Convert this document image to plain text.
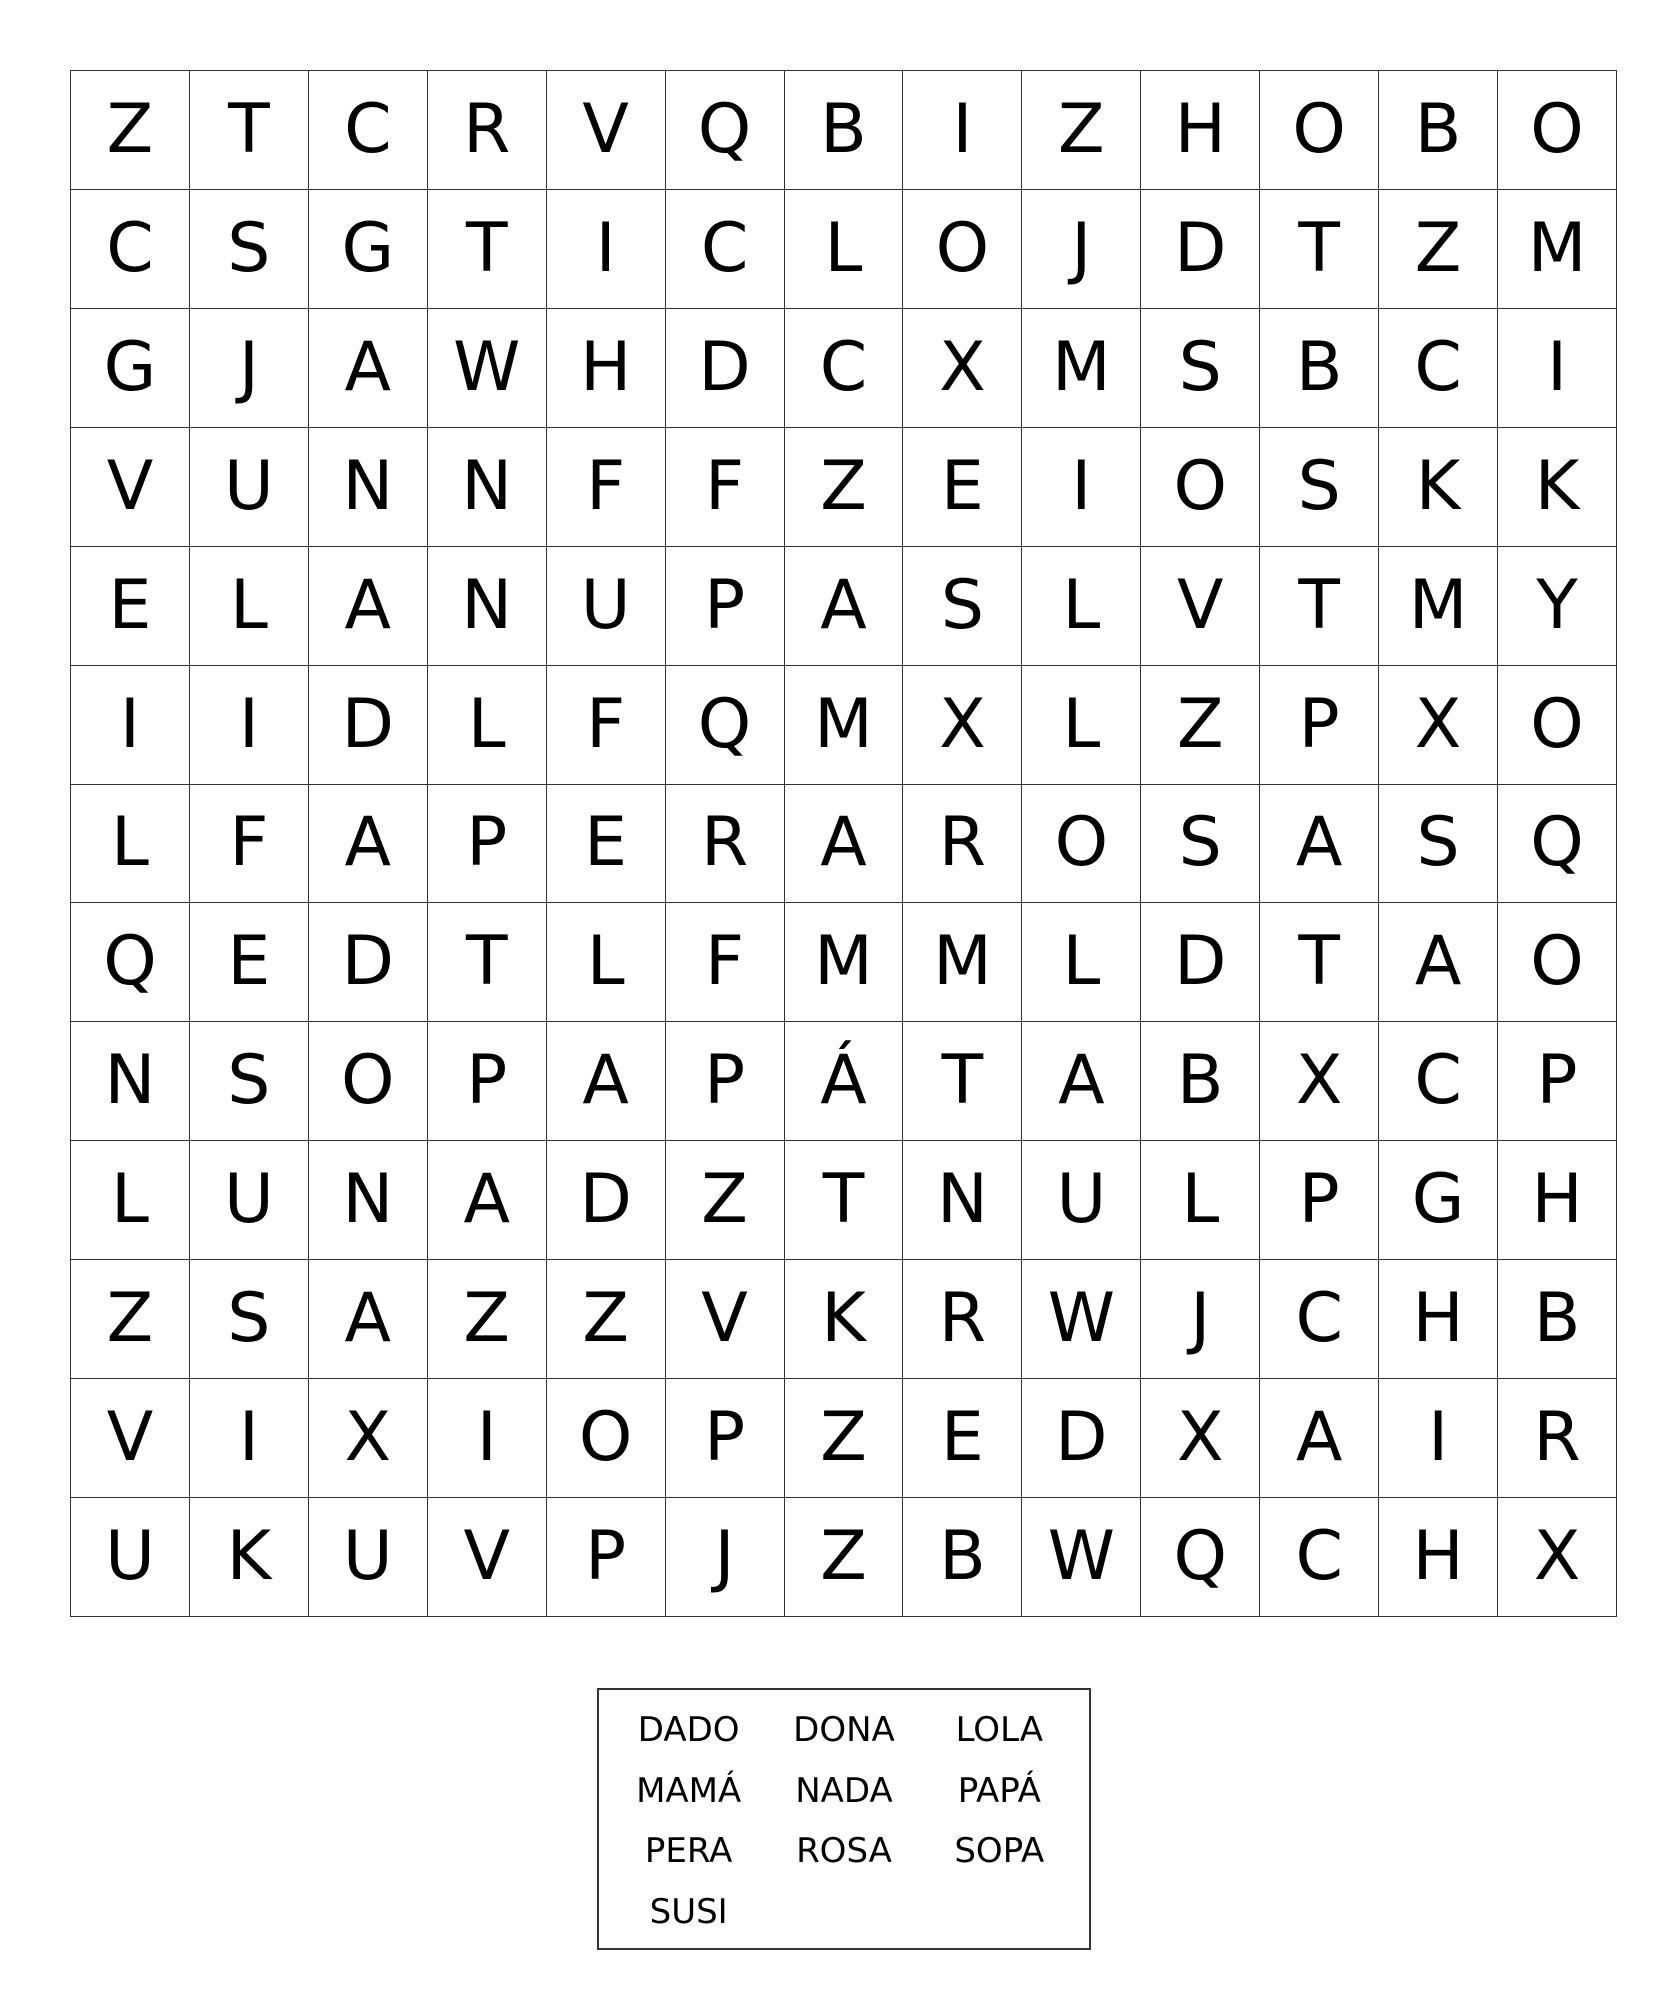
Z	T	C	R	V	Q	B	I	Z	H O	B	O
C	S	G	T	I	C	L	O	J	D	T	Z M
G	J	A W H D	C	X M	S	B	C	I
V	U	N	N	F	F	Z	E	I	O	S	K	K
E	L	A	N	U	P	A	S	L	V	T	M	Y
I	I	D	L	F	Q M X	L	Z	P	X	O
L	F	A	P	E	R	A	R	O	S	A	S	Q
Q	E	D	T	L	F	M M	L	D	T	A	O
N	S	O	P	A	P	Á	T	A	B	X	C	P
L	U	N	A	D	Z	T	N	U	L	P	G H
Z	S	A	Z	Z	V	K	R W	J	C	H	B
V	I	X	I	O	P	Z	E	D	X	A	I	R
U	K	U	V	P	J	Z	B W Q	C	H	X
DADO	DONA	LOLA
MAMÁ	NADA	PAPÁ
PERA	ROSA	SOPA
SUSI
